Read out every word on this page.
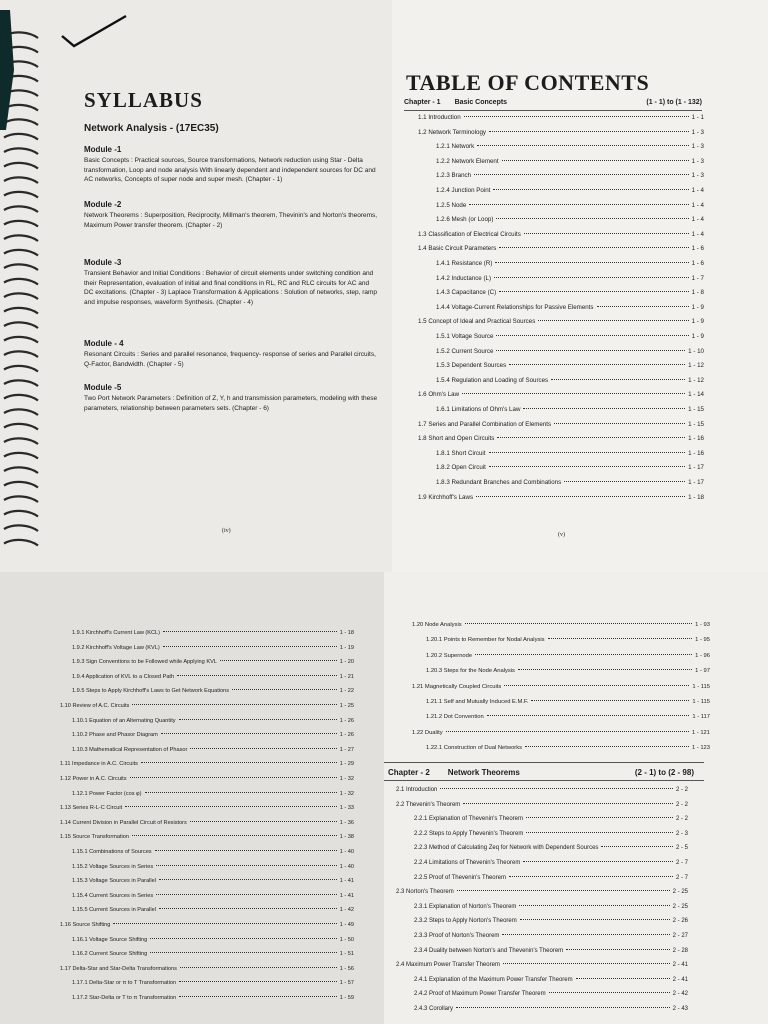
SYLLABUS
Network Analysis - (17EC35)
Module -1
Basic Concepts : Practical sources, Source transformations, Network reduction using Star - Delta transformation, Loop and node analysis With linearly dependent and independent sources for DC and AC networks, Concepts of super node and super mesh. (Chapter - 1)
Module -2
Network Theorems : Superposition, Reciprocity, Millman's theorem, Thevinin's and Norton's theorems, Maximum Power transfer theorem. (Chapter - 2)
Module -3
Transient Behavior and Initial Conditions : Behavior of circuit elements under switching condition and their Representation, evaluation of initial and final conditions in RL, RC and RLC circuits for AC and DC excitations. (Chapter - 3) Laplace Transformation & Applications : Solution of networks, step, ramp and impulse responses, waveform Synthesis. (Chapter - 4)
Module - 4
Resonant Circuits : Series and parallel resonance, frequency- response of series and Parallel circuits, Q-Factor, Bandwidth. (Chapter - 5)
Module -5
Two Port Network Parameters : Definition of Z, Y, h and transmission parameters, modeling with these parameters, relationship between parameters sets. (Chapter - 6)
(iv)
TABLE OF CONTENTS
Chapter - 1 Basic Concepts	(1 - 1) to (1 - 132)
1.1 Introduction	1 - 1
1.2 Network Terminology	1 - 3
1.2.1 Network	1 - 3
1.2.2 Network Element	1 - 3
1.2.3 Branch	1 - 3
1.2.4 Junction Point	1 - 4
1.2.5 Node	1 - 4
1.2.6 Mesh (or Loop)	1 - 4
1.3 Classification of Electrical Circuits	1 - 4
1.4 Basic Circuit Parameters	1 - 6
1.4.1 Resistance (R)	1 - 6
1.4.2 Inductance (L)	1 - 7
1.4.3 Capacitance (C)	1 - 8
1.4.4 Voltage-Current Relationships for Passive Elements	1 - 9
1.5 Concept of Ideal and Practical Sources	1 - 9
1.5.1 Voltage Source	1 - 9
1.5.2 Current Source	1 - 10
1.5.3 Dependent Sources	1 - 12
1.5.4 Regulation and Loading of Sources	1 - 12
1.6 Ohm's Law	1 - 14
1.6.1 Limitations of Ohm's Law	1 - 15
1.7 Series and Parallel Combination of Elements	1 - 15
1.8 Short and Open Circuits	1 - 16
1.8.1 Short Circuit	1 - 16
1.8.2 Open Circuit	1 - 17
1.8.3 Redundant Branches and Combinations	1 - 17
1.9 Kirchhoff's Laws	1 - 18
(v)
1.9.1 Kirchhoff's Current Law (KCL)	1 - 18
1.9.2 Kirchhoff's Voltage Law (KVL)	1 - 19
1.9.3 Sign Conventions to be Followed while Applying KVL	1 - 20
1.9.4 Application of KVL to a Closed Path	1 - 21
1.9.5 Steps to Apply Kirchhoff's Laws to Get Network Equations	1 - 22
1.10 Review of A.C. Circuits	1 - 25
1.10.1 Equation of an Alternating Quantity	1 - 26
1.10.2 Phase and Phasor Diagram	1 - 26
1.10.3 Mathematical Representation of Phasor	1 - 27
1.11 Impedance in A.C. Circuits	1 - 29
1.12 Power in A.C. Circuits	1 - 32
1.12.1 Power Factor (cos φ)	1 - 32
1.13 Series R-L-C Circuit	1 - 33
1.14 Current Division in Parallel Circuit of Resistors	1 - 36
1.15 Source Transformation	1 - 38
1.15.1 Combinations of Sources	1 - 40
1.15.2 Voltage Sources in Series	1 - 40
1.15.3 Voltage Sources in Parallel	1 - 41
1.15.4 Current Sources in Series	1 - 41
1.15.5 Current Sources in Parallel	1 - 42
1.16 Source Shifting	1 - 49
1.16.1 Voltage Source Shifting	1 - 50
1.16.2 Current Source Shifting	1 - 51
1.17 Delta-Star and Star-Delta Transformations	1 - 56
1.17.1 Delta-Star or π to T Transformation	1 - 57
1.17.2 Star-Delta or T to π Transformation	1 - 59
1.20 Node Analysis	1 - 93
1.20.1 Points to Remember for Nodal Analysis	1 - 95
1.20.2 Supernode	1 - 96
1.20.3 Steps for the Node Analysis	1 - 97
1.21 Magnetically Coupled Circuits	1 - 115
1.21.1 Self and Mutually Induced E.M.F.	1 - 115
1.21.2 Dot Convention	1 - 117
1.22 Duality	1 - 121
1.22.1 Construction of Dual Networks	1 - 123
Chapter - 2 Network Theorems	(2 - 1) to (2 - 98)
2.1 Introduction	2 - 2
2.2 Thevenin's Theorem	2 - 2
2.2.1 Explanation of Thevenin's Theorem	2 - 2
2.2.2 Steps to Apply Thevenin's Theorem	2 - 3
2.2.3 Method of Calculating Zeq for Network with Dependent Sources	2 - 5
2.2.4 Limitations of Thevenin's Theorem	2 - 7
2.2.5 Proof of Thevenin's Theorem	2 - 7
2.3 Norton's Theorem	2 - 25
2.3.1 Explanation of Norton's Theorem	2 - 25
2.3.2 Steps to Apply Norton's Theorem	2 - 26
2.3.3 Proof of Norton's Theorem	2 - 27
2.3.4 Duality between Norton's and Thevenin's Theorem	2 - 28
2.4 Maximum Power Transfer Theorem	2 - 41
2.4.1 Explanation of the Maximum Power Transfer Theorem	2 - 41
2.4.2 Proof of Maximum Power Transfer Theorem	2 - 42
2.4.3 Corollary	2 - 43
